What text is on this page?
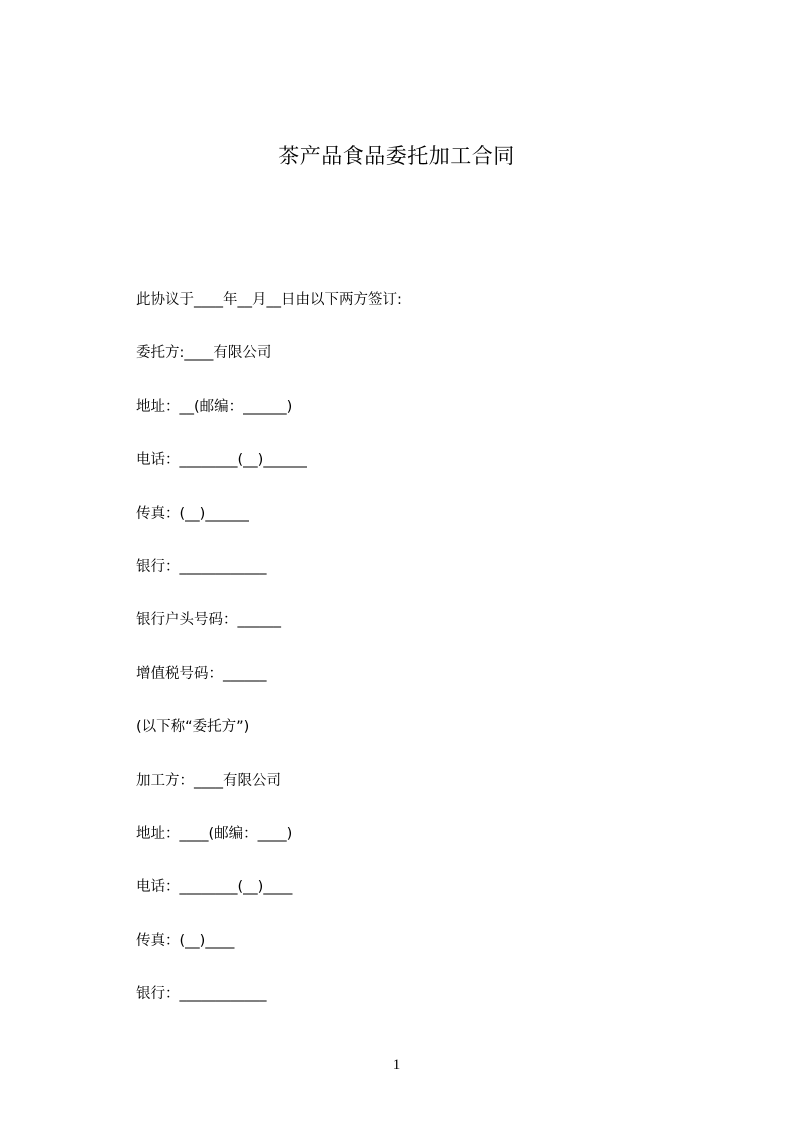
茶产品食品委托加工合同
此协议于____年__月__日由以下两方签订:
委托方:____有限公司
地址：__(邮编：______)
电话：________(__)______
传真：(__)______
银行：____________
银行户头号码：______
增值税号码：______
(以下称“委托方”)
加工方：____有限公司
地址：____(邮编：____)
电话：________(__)____
传真：(__)____
银行：____________
1
